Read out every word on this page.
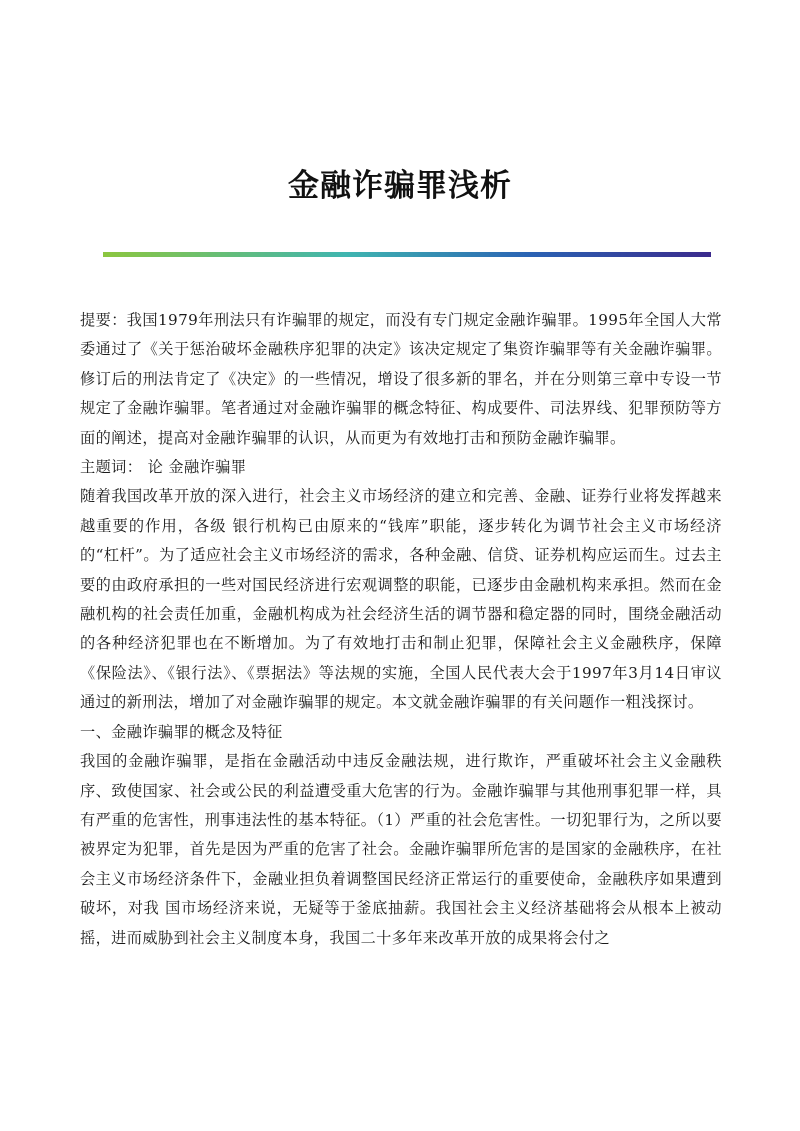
金融诈骗罪浅析

提要：我国1979年刑法只有诈骗罪的规定，而没有专门规定金融诈骗罪。1995年全国人大常委通过了《关于惩治破坏金融秩序犯罪的决定》该决定规定了集资诈骗罪等有关金融诈骗罪。修订后的刑法肯定了《决定》的一些情况，增设了很多新的罪名，并在分则第三章中专设一节规定了金融诈骗罪。笔者通过对金融诈骗罪的概念特征、构成要件、司法界线、犯罪预防等方面的阐述，提高对金融诈骗罪的认识，从而更为有效地打击和预防金融诈骗罪。

主题词： 论 金融诈骗罪

随着我国改革开放的深入进行，社会主义市场经济的建立和完善、金融、证券行业将发挥越来越重要的作用，各级 银行机构已由原来的“钱库”职能，逐步转化为调节社会主义市场经济的“杠杆”。为了适应社会主义市场经济的需求，各种金融、信贷、证券机构应运而生。过去主要的由政府承担的一些对国民经济进行宏观调整的职能，已逐步由金融机构来承担。然而在金融机构的社会责任加重，金融机构成为社会经济生活的调节器和稳定器的同时，围绕金融活动的各种经济犯罪也在不断增加。为了有效地打击和制止犯罪，保障社会主义金融秩序，保障《保险法》、《银行法》、《票据法》等法规的实施，全国人民代表大会于1997年3月14日审议通过的新刑法，增加了对金融诈骗罪的规定。本文就金融诈骗罪的有关问题作一粗浅探讨。

一、金融诈骗罪的概念及特征

我国的金融诈骗罪，是指在金融活动中违反金融法规，进行欺诈，严重破坏社会主义金融秩序、致使国家、社会或公民的利益遭受重大危害的行为。金融诈骗罪与其他刑事犯罪一样，具有严重的危害性，刑事违法性的基本特征。（1）严重的社会危害性。一切犯罪行为，之所以要被界定为犯罪，首先是因为严重的危害了社会。金融诈骗罪所危害的是国家的金融秩序，在社会主义市场经济条件下，金融业担负着调整国民经济正常运行的重要使命，金融秩序如果遭到破坏，对我 国市场经济来说，无疑等于釜底抽薪。我国社会主义经济基础将会从根本上被动摇，进而威胁到社会主义制度本身，我国二十多年来改革开放的成果将会付之
